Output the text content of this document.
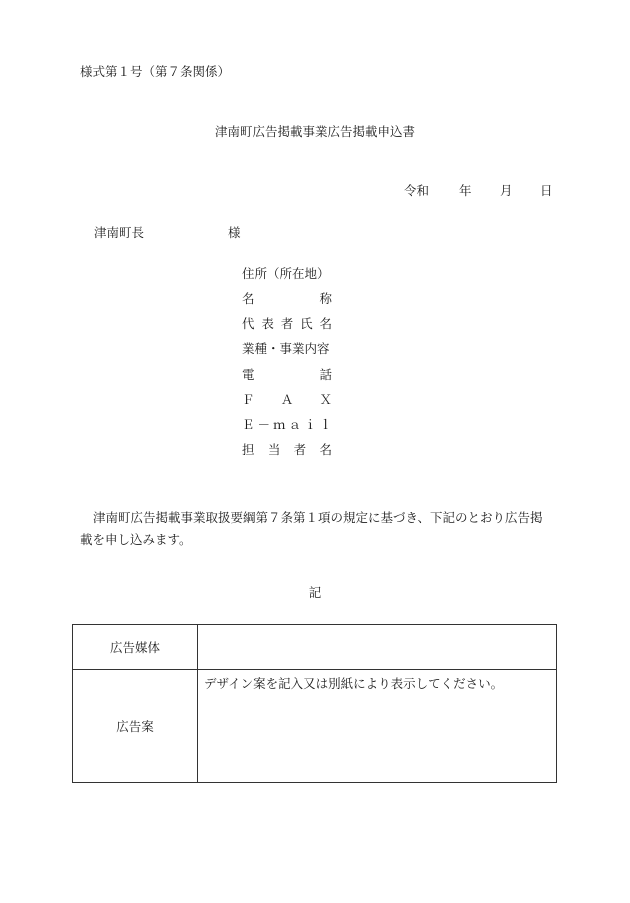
様式第１号（第７条関係）
津南町広告掲載事業広告掲載申込書
令和 年 月 日
津南町長	様
住所（所在地）
名	称
代 表 者 氏 名
業種・事業内容
電	話
Ｆ Ａ Ｘ
Ｅ － ｍ ａ ｉ ｌ
担 当 者 名
津南町広告掲載事業取扱要綱第７条第１項の規定に基づき、下記のとおり広告掲載を申し込みます。
記
広告媒体	
広告案	デザイン案を記入又は別紙により表示してください。
